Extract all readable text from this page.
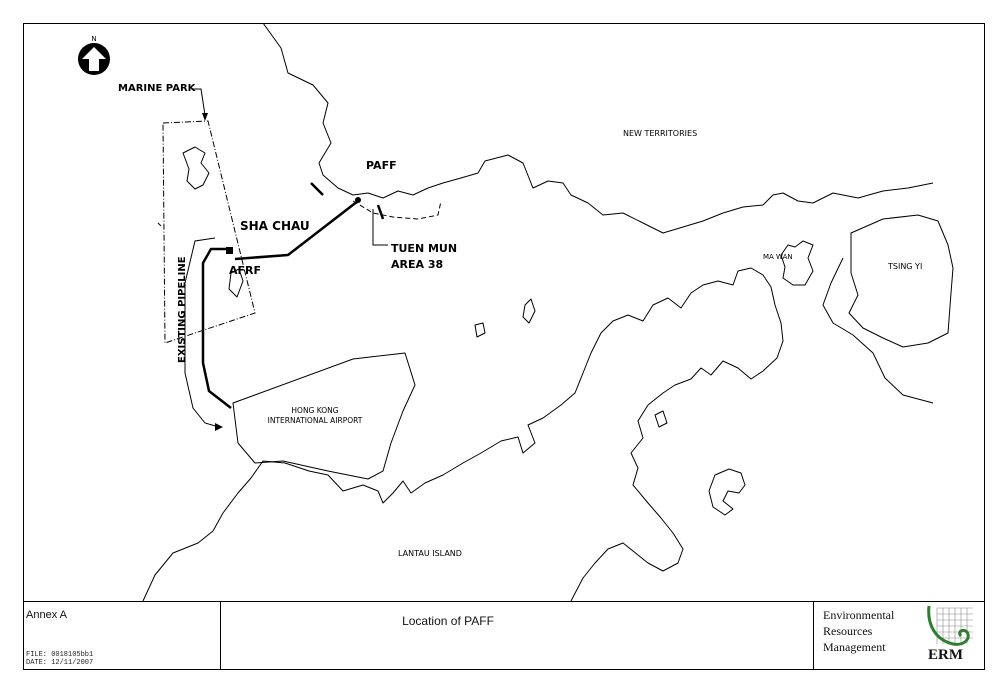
N
MARINE PARK
NEW TERRITORIES
PAFF
SHA CHAU
AFRF
TUEN MUN
AREA 38
EXISTING PIPELINE	MA WAN
TSING YI
HONG KONG
INTERNATIONAL AIRPORT
LANTAU ISLAND
Annex A
FILE: 0018105bb1
DATE: 12/11/2007
Location of PAFF	Environmental
Resources
Management	ERM
